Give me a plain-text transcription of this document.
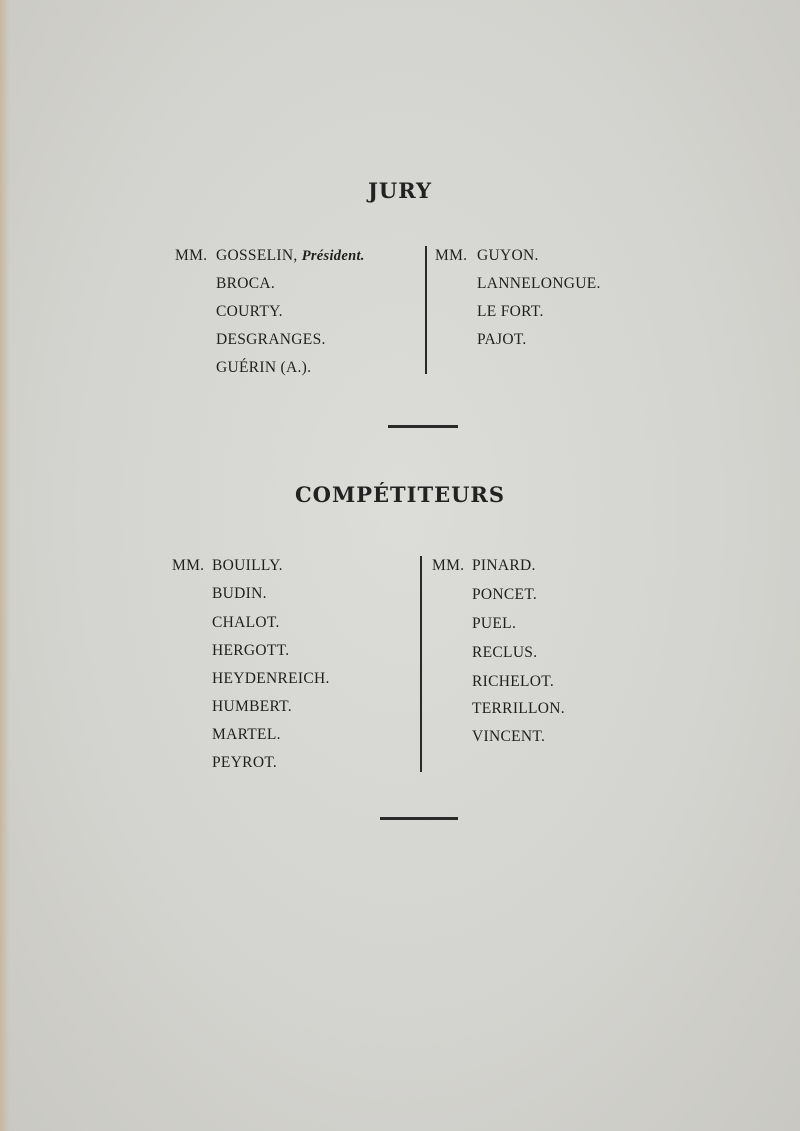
JURY
MM. GOSSELIN, Président.
BROCA.
COURTY.
DESGRANGES.
GUÉRIN (A.).
MM. GUYON.
LANNELONGUE.
LE FORT.
PAJOT.
COMPÉTITEURS
MM. BOUILLY.
BUDIN.
CHALOT.
HERGOTT.
HEYDENREICH.
HUMBERT.
MARTEL.
PEYROT.
MM. PINARD.
PONCET.
PUEL.
RECLUS.
RICHELOT.
TERRILLON.
VINCENT.
